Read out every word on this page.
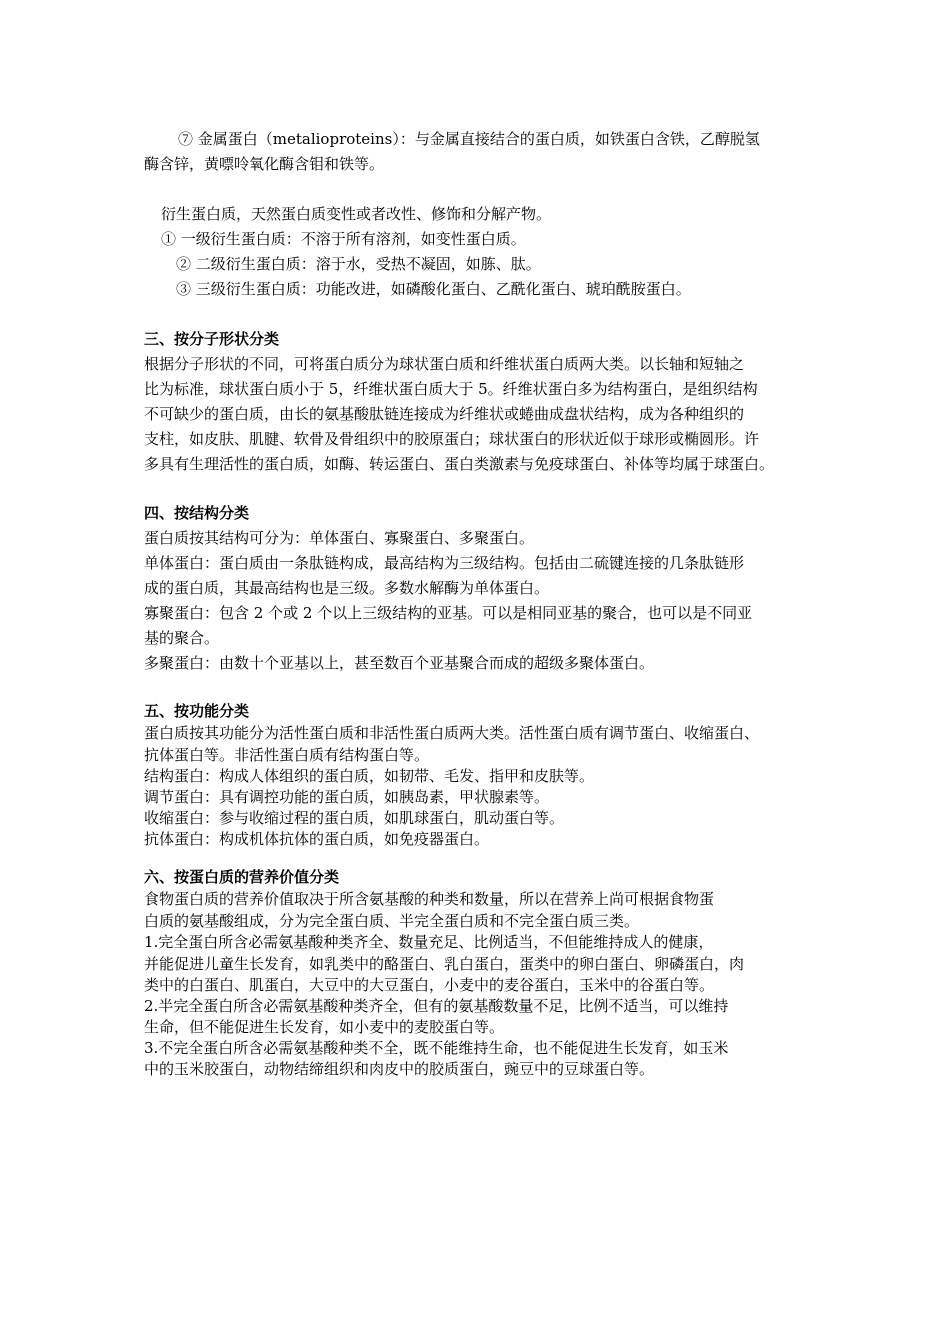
⑦ 金属蛋白（metalioproteins）：与金属直接结合的蛋白质，如铁蛋白含铁，乙醇脱氢

酶含锌，黄嘌呤氧化酶含钼和铁等。

衍生蛋白质，天然蛋白质变性或者改性、修饰和分解产物。

① 一级衍生蛋白质：不溶于所有溶剂，如变性蛋白质。

② 二级衍生蛋白质：溶于水，受热不凝固，如胨、肽。

③ 三级衍生蛋白质：功能改进，如磷酸化蛋白、乙酰化蛋白、琥珀酰胺蛋白。

三、按分子形状分类

根据分子形状的不同，可将蛋白质分为球状蛋白质和纤维状蛋白质两大类。以长轴和短轴之

比为标准，球状蛋白质小于 5，纤维状蛋白质大于 5。纤维状蛋白多为结构蛋白，是组织结构

不可缺少的蛋白质，由长的氨基酸肽链连接成为纤维状或蜷曲成盘状结构，成为各种组织的

支柱，如皮肤、肌腱、软骨及骨组织中的胶原蛋白；球状蛋白的形状近似于球形或椭圆形。许

多具有生理活性的蛋白质，如酶、转运蛋白、蛋白类激素与免疫球蛋白、补体等均属于球蛋白。

四、按结构分类

蛋白质按其结构可分为：单体蛋白、寡聚蛋白、多聚蛋白。

单体蛋白：蛋白质由一条肽链构成，最高结构为三级结构。包括由二硫键连接的几条肽链形

成的蛋白质，其最高结构也是三级。多数水解酶为单体蛋白。

寡聚蛋白：包含 2 个或 2 个以上三级结构的亚基。可以是相同亚基的聚合，也可以是不同亚

基的聚合。

多聚蛋白：由数十个亚基以上，甚至数百个亚基聚合而成的超级多聚体蛋白。

五、按功能分类

蛋白质按其功能分为活性蛋白质和非活性蛋白质两大类。活性蛋白质有调节蛋白、收缩蛋白、

抗体蛋白等。非活性蛋白质有结构蛋白等。

结构蛋白：构成人体组织的蛋白质，如韧带、毛发、指甲和皮肤等。

调节蛋白：具有调控功能的蛋白质，如胰岛素，甲状腺素等。

收缩蛋白：参与收缩过程的蛋白质，如肌球蛋白，肌动蛋白等。

抗体蛋白：构成机体抗体的蛋白质，如免疫器蛋白。

六、按蛋白质的营养价值分类

食物蛋白质的营养价值取决于所含氨基酸的种类和数量，所以在营养上尚可根据食物蛋

白质的氨基酸组成，分为完全蛋白质、半完全蛋白质和不完全蛋白质三类。

1.完全蛋白所含必需氨基酸种类齐全、数量充足、比例适当，不但能维持成人的健康，

并能促进儿童生长发育，如乳类中的酪蛋白、乳白蛋白，蛋类中的卵白蛋白、卵磷蛋白，肉

类中的白蛋白、肌蛋白，大豆中的大豆蛋白，小麦中的麦谷蛋白，玉米中的谷蛋白等。

2.半完全蛋白所含必需氨基酸种类齐全，但有的氨基酸数量不足，比例不适当，可以维持

生命，但不能促进生长发育，如小麦中的麦胶蛋白等。

3.不完全蛋白所含必需氨基酸种类不全，既不能维持生命，也不能促进生长发育，如玉米

中的玉米胶蛋白，动物结缔组织和肉皮中的胶质蛋白，豌豆中的豆球蛋白等。
